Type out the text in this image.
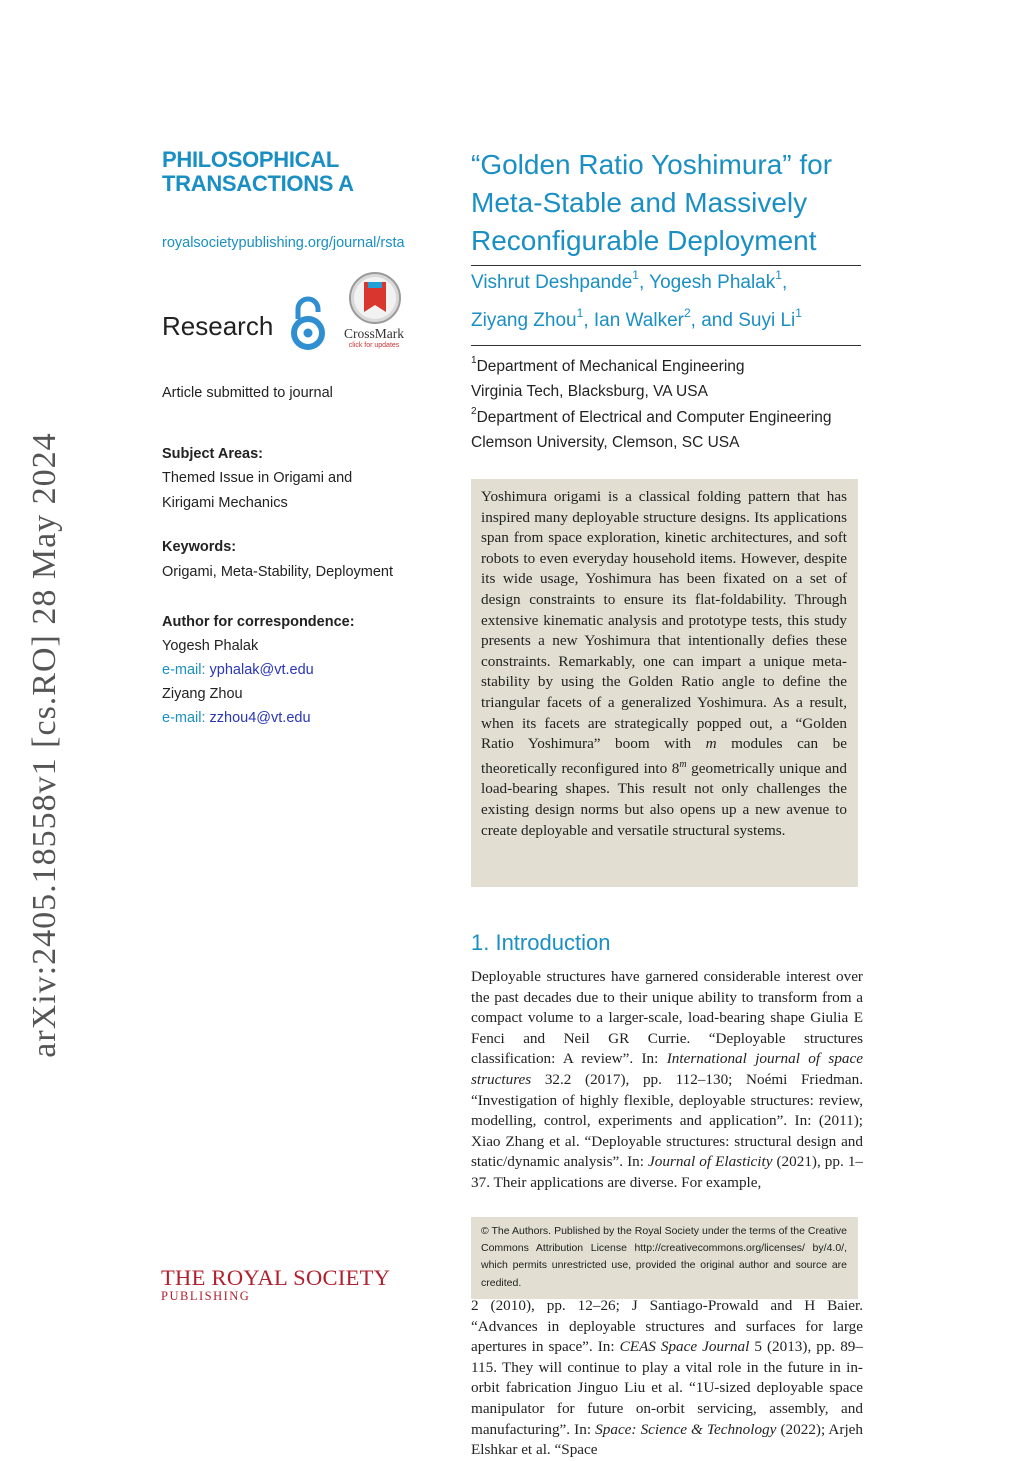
arXiv:2405.18558v1 [cs.RO] 28 May 2024
PHILOSOPHICAL
TRANSACTIONS A
royalsocietypublishing.org/journal/rsta
Research	CrossMark
click for updates
Article submitted to journal
Subject Areas:
Themed Issue in Origami and
Kirigami Mechanics
Keywords:
Origami, Meta-Stability, Deployment
Author for correspondence:
Yogesh Phalak
e-mail: yphalak@vt.edu
Ziyang Zhou
e-mail: zzhou4@vt.edu
THE ROYAL SOCIETY
PUBLISHING
“Golden Ratio Yoshimura” for
Meta-Stable and Massively
Reconfigurable Deployment
Vishrut Deshpande$^1$, Yogesh Phalak$^1$,
Ziyang Zhou$^1$, Ian Walker$^2$, and Suyi Li$^1$
$^1$Department of Mechanical Engineering
Virginia Tech, Blacksburg, VA USA
$^2$Department of Electrical and Computer Engineering
Clemson University, Clemson, SC USA
Yoshimura origami is a classical folding pattern that has inspired many deployable structure designs. Its applications span from space exploration, kinetic architectures, and soft robots to even everyday household items. However, despite its wide usage, Yoshimura has been fixated on a set of design constraints to ensure its flat-foldability. Through extensive kinematic analysis and prototype tests, this study presents a new Yoshimura that intentionally defies these constraints. Remarkably, one can impart a unique meta-stability by using the Golden Ratio angle to define the triangular facets of a generalized Yoshimura. As a result, when its facets are strategically popped out, a “Golden Ratio Yoshimura” boom with m modules can be theoretically reconfigured into 8$^m$ geometrically unique and load-bearing shapes. This result not only challenges the existing design norms but also opens up a new avenue to create deployable and versatile structural systems.
1. Introduction
Deployable structures have garnered considerable interest over the past decades due to their unique ability to transform from a compact volume to a larger-scale, load-bearing shape Giulia E Fenci and Neil GR Currie. “Deployable structures classification: A review”. In: International journal of space structures 32.2 (2017), pp. 112–130; Noémi Friedman. “Investigation of highly flexible, deployable structures: review, modelling, control, experiments and application”. In: (2011); Xiao Zhang et al. “Deployable structures: structural design and static/dynamic analysis”. In: Journal of Elasticity (2021), pp. 1–37. Their applications are diverse. For example,
© The Authors. Published by the Royal Society under the terms of the Creative Commons Attribution License http://creativecommons.org/licenses/ by/4.0/, which permits unrestricted use, provided the original author and source are credited.
2 (2010), pp. 12–26; J Santiago-Prowald and H Baier. “Advances in deployable structures and surfaces for large apertures in space”. In: CEAS Space Journal 5 (2013), pp. 89–115. They will continue to play a vital role in the future in in-orbit fabrication Jinguo Liu et al. “1U-sized deployable space manipulator for future on-orbit servicing, assembly, and manufacturing”. In: Space: Science & Technology (2022); Arjeh Elshkar et al. “Space
